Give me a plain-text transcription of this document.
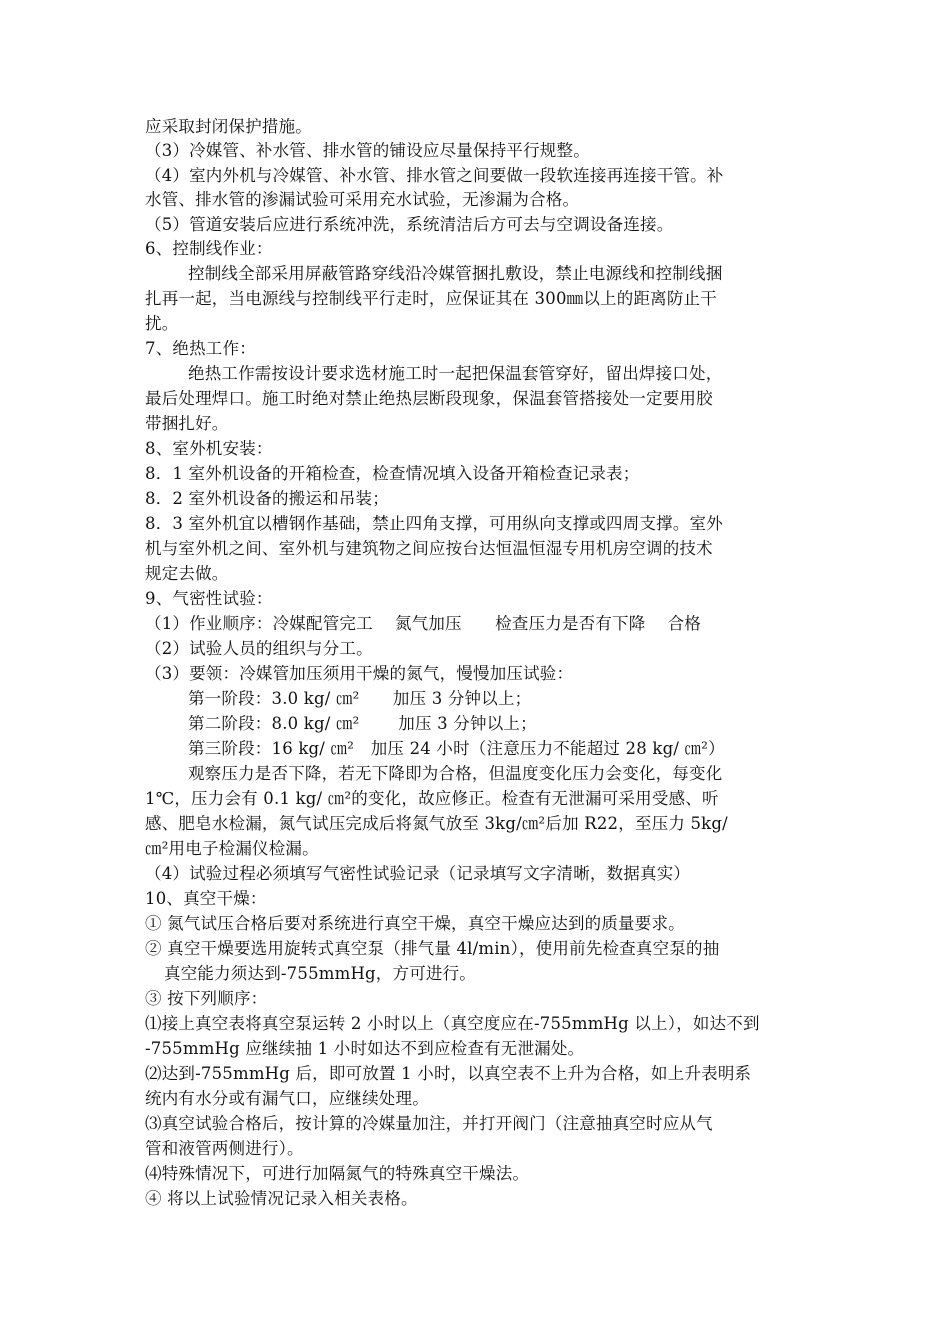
应采取封闭保护措施。
（3）冷媒管、补水管、排水管的铺设应尽量保持平行规整。
（4）室内外机与冷媒管、补水管、排水管之间要做一段软连接再连接干管。补
水管、排水管的渗漏试验可采用充水试验，无渗漏为合格。
（5）管道安装后应进行系统冲洗，系统清洁后方可去与空调设备连接。
6、控制线作业：
控制线全部采用屏蔽管路穿线沿冷媒管捆扎敷设，禁止电源线和控制线捆
扎再一起，当电源线与控制线平行走时，应保证其在 300㎜以上的距离防止干
扰。
7、绝热工作：
绝热工作需按设计要求选材施工时一起把保温套管穿好，留出焊接口处，
最后处理焊口。施工时绝对禁止绝热层断段现象，保温套管搭接处一定要用胶
带捆扎好。
8、室外机安装：
8．1 室外机设备的开箱检查，检查情况填入设备开箱检查记录表；
8．2 室外机设备的搬运和吊装；
8．3 室外机宜以槽钢作基础，禁止四角支撑，可用纵向支撑或四周支撑。室外
机与室外机之间、室外机与建筑物之间应按台达恒温恒湿专用机房空调的技术
规定去做。
9、气密性试验：
（1）作业顺序：冷媒配管完工　 氮气加压　　检查压力是否有下降　 合格
（2）试验人员的组织与分工。
（3）要领：冷媒管加压须用干燥的氮气，慢慢加压试验：
第一阶段：3.0 kg/ ㎝²　　加压 3 分钟以上；
第二阶段：8.0 kg/ ㎝²　　 加压 3 分钟以上；
第三阶段：16 kg/ ㎝²　加压 24 小时（注意压力不能超过 28 kg/ ㎝²）
观察压力是否下降，若无下降即为合格，但温度变化压力会变化，每变化
1℃，压力会有 0.1 kg/ ㎝²的变化，故应修正。检查有无泄漏可采用受感、听
感、肥皂水检漏，氮气试压完成后将氮气放至 3kg/㎝²后加 R22，至压力 5kg/
㎝²用电子检漏仪检漏。
（4）试验过程必须填写气密性试验记录（记录填写文字清晰，数据真实）
10、真空干燥：
① 氮气试压合格后要对系统进行真空干燥，真空干燥应达到的质量要求。
② 真空干燥要选用旋转式真空泵（排气量 4l/min），使用前先检查真空泵的抽
真空能力须达到-755mmHg，方可进行。
③ 按下列顺序：
⑴接上真空表将真空泵运转 2 小时以上（真空度应在-755mmHg 以上），如达不到
-755mmHg 应继续抽 1 小时如达不到应检查有无泄漏处。
⑵达到-755mmHg 后，即可放置 1 小时，以真空表不上升为合格，如上升表明系
统内有水分或有漏气口，应继续处理。
⑶真空试验合格后，按计算的冷媒量加注，并打开阀门（注意抽真空时应从气
管和液管两侧进行）。
⑷特殊情况下，可进行加隔氮气的特殊真空干燥法。
④ 将以上试验情况记录入相关表格。
